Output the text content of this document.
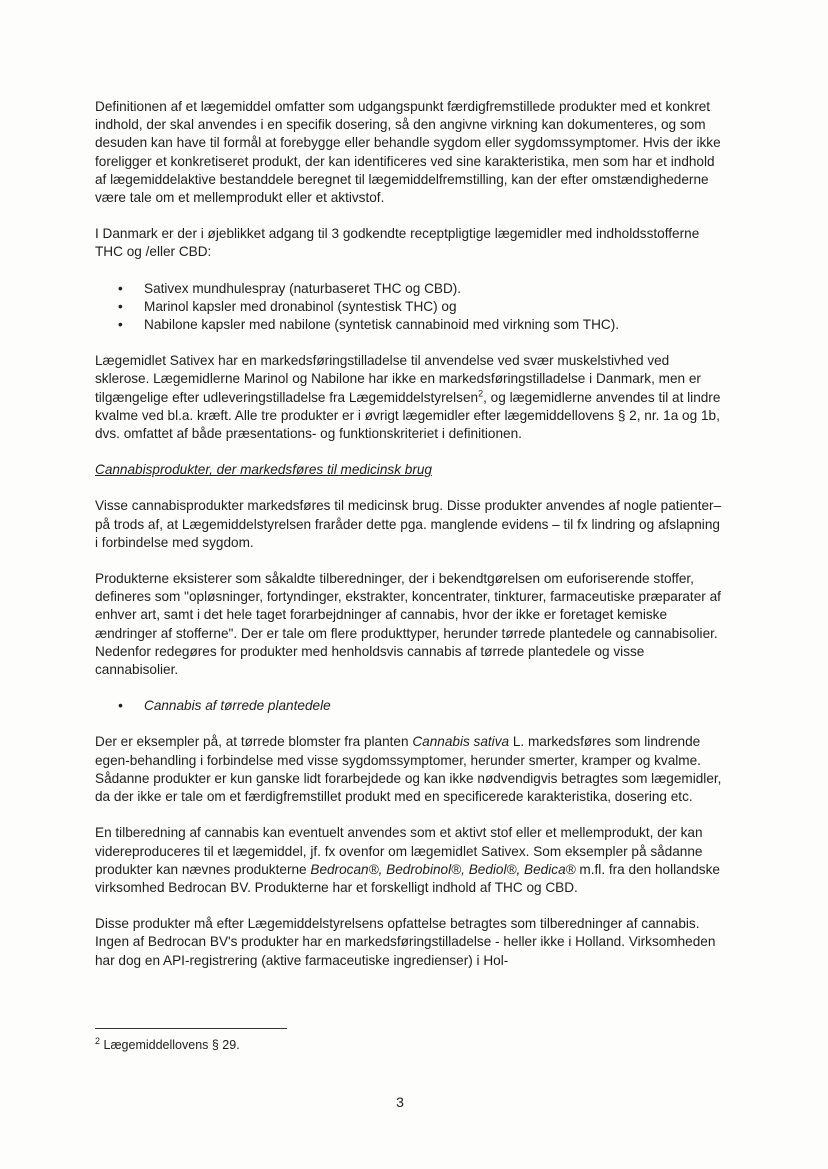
Definitionen af et lægemiddel omfatter som udgangspunkt færdigfremstillede produkter med et konkret indhold, der skal anvendes i en specifik dosering, så den angivne virkning kan dokumenteres, og som desuden kan have til formål at forebygge eller behandle sygdom eller sygdomssymptomer. Hvis der ikke foreligger et konkretiseret produkt, der kan identificeres ved sine karakteristika, men som har et indhold af lægemiddelaktive bestanddele beregnet til lægemiddelfremstilling, kan der efter omstændighederne være tale om et mellemprodukt eller et aktivstof.

I Danmark er der i øjeblikket adgang til 3 godkendte receptpligtige lægemidler med indholdsstofferne THC og /eller CBD:

• Sativex mundhulespray (naturbaseret THC og CBD).
• Marinol kapsler med dronabinol (syntestisk THC) og
• Nabilone kapsler med nabilone (syntetisk cannabinoid med virkning som THC).

Lægemidlet Sativex har en markedsføringstilladelse til anvendelse ved svær muskelstivhed ved sklerose. Lægemidlerne Marinol og Nabilone har ikke en markedsføringstilladelse i Danmark, men er tilgængelige efter udleveringstilladelse fra Lægemiddelstyrelsen$^2$, og lægemidlerne anvendes til at lindre kvalme ved bl.a. kræft. Alle tre produkter er i øvrigt lægemidler efter lægemiddellovens § 2, nr. 1a og 1b, dvs. omfattet af både præsentations- og funktionskriteriet i definitionen.

Cannabisprodukter, der markedsføres til medicinsk brug

Visse cannabisprodukter markedsføres til medicinsk brug. Disse produkter anvendes af nogle patienter– på trods af, at Lægemiddelstyrelsen fraråder dette pga. manglende evidens – til fx lindring og afslapning i forbindelse med sygdom.

Produkterne eksisterer som såkaldte tilberedninger, der i bekendtgørelsen om euforiserende stoffer, defineres som "opløsninger, fortyndinger, ekstrakter, koncentrater, tinkturer, farmaceutiske præparater af enhver art, samt i det hele taget forarbejdninger af cannabis, hvor der ikke er foretaget kemiske ændringer af stofferne". Der er tale om flere produkttyper, herunder tørrede plantedele og cannabisolier. Nedenfor redegøres for produkter med henholdsvis cannabis af tørrede plantedele og visse cannabisolier.

• Cannabis af tørrede plantedele

Der er eksempler på, at tørrede blomster fra planten Cannabis sativa L. markedsføres som lindrende egen-behandling i forbindelse med visse sygdomssymptomer, herunder smerter, kramper og kvalme. Sådanne produkter er kun ganske lidt forarbejdede og kan ikke nødvendigvis betragtes som lægemidler, da der ikke er tale om et færdigfremstillet produkt med en specificerede karakteristika, dosering etc.

En tilberedning af cannabis kan eventuelt anvendes som et aktivt stof eller et mellemprodukt, der kan videreproduceres til et lægemiddel, jf. fx ovenfor om lægemidlet Sativex. Som eksempler på sådanne produkter kan nævnes produkterne Bedrocan®, Bedrobinol®, Bediol®, Bedica® m.fl. fra den hollandske virksomhed Bedrocan BV. Produkterne har et forskelligt indhold af THC og CBD.

Disse produkter må efter Lægemiddelstyrelsens opfattelse betragtes som tilberedninger af cannabis. Ingen af Bedrocan BV's produkter har en markedsføringstilladelse - heller ikke i Holland. Virksomheden har dog en API-registrering (aktive farmaceutiske ingredienser) i Hol-

$^2$ Lægemiddellovens § 29.
3
